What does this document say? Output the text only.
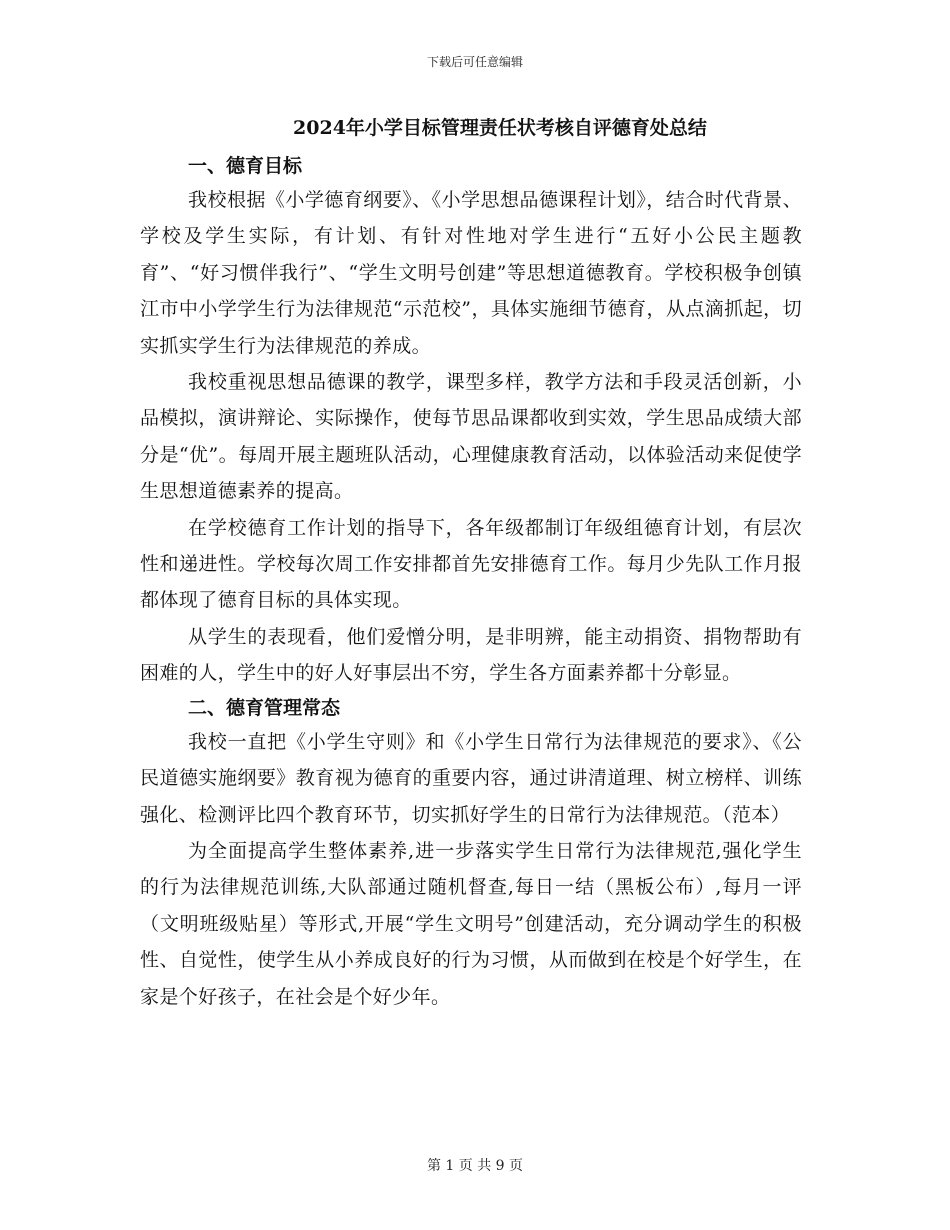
下载后可任意编辑
2024年小学目标管理责任状考核自评德育处总结

一、德育目标

我校根据《小学德育纲要》、《小学思想品德课程计划》，结合时代背景、学校及学生实际，有计划、有针对性地对学生进行“五好小公民主题教育”、“好习惯伴我行”、“学生文明号创建”等思想道德教育。学校积极争创镇江市中小学学生行为法律规范“示范校”，具体实施细节德育，从点滴抓起，切实抓实学生行为法律规范的养成。

我校重视思想品德课的教学，课型多样，教学方法和手段灵活创新，小品模拟，演讲辩论、实际操作，使每节思品课都收到实效，学生思品成绩大部分是“优”。每周开展主题班队活动，心理健康教育活动，以体验活动来促使学生思想道德素养的提高。

在学校德育工作计划的指导下，各年级都制订年级组德育计划，有层次性和递进性。学校每次周工作安排都首先安排德育工作。每月少先队工作月报都体现了德育目标的具体实现。

从学生的表现看，他们爱憎分明，是非明辨，能主动捐资、捐物帮助有困难的人，学生中的好人好事层出不穷，学生各方面素养都十分彰显。

二、德育管理常态

我校一直把《小学生守则》和《小学生日常行为法律规范的要求》、《公民道德实施纲要》教育视为德育的重要内容，通过讲清道理、树立榜样、训练强化、检测评比四个教育环节，切实抓好学生的日常行为法律规范。（范本）

为全面提高学生整体素养,进一步落实学生日常行为法律规范,强化学生的行为法律规范训练,大队部通过随机督查,每日一结（黑板公布）,每月一评（文明班级贴星）等形式,开展“学生文明号”创建活动，充分调动学生的积极性、自觉性，使学生从小养成良好的行为习惯，从而做到在校是个好学生，在家是个好孩子，在社会是个好少年。

第 1 页 共 9 页
